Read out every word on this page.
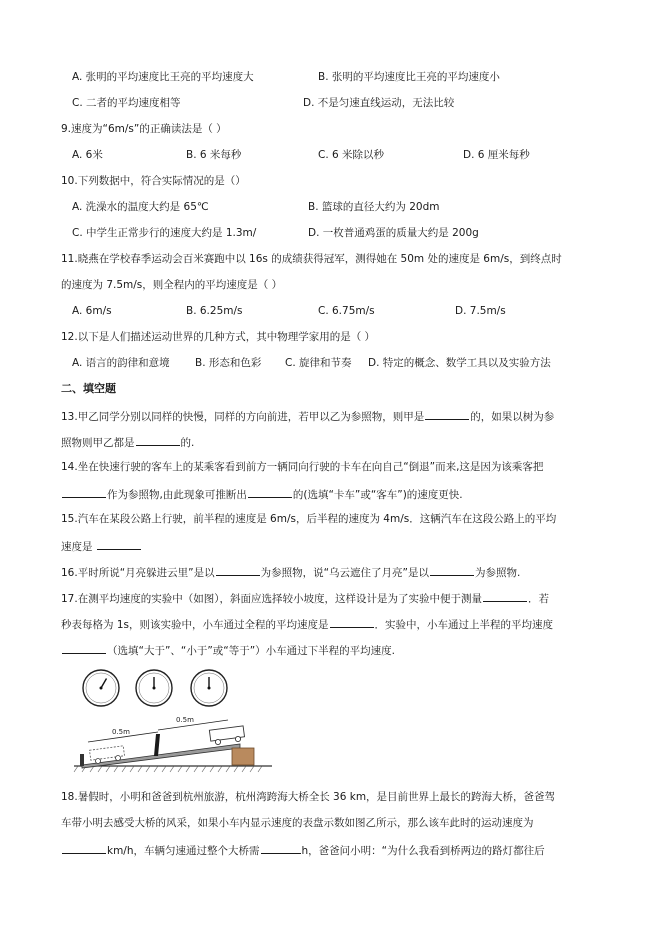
A. 张明的平均速度比王亮的平均速度大	B. 张明的平均速度比王亮的平均速度小
C. 二者的平均速度相等	D. 不是匀速直线运动，无法比较
9.速度为“6m/s”的正确读法是（ ）
A. 6米	B. 6 米每秒	C. 6 米除以秒	D. 6 厘米每秒
10.下列数据中，符合实际情况的是（）
A. 洗澡水的温度大约是 65℃	B. 篮球的直径大约为 20dm
C. 中学生正常步行的速度大约是 1.3m/	D. 一枚普通鸡蛋的质量大约是 200g
11.晓燕在学校春季运动会百米赛跑中以 16s 的成绩获得冠军，测得她在 50m 处的速度是 6m/s，到终点时
的速度为 7.5m/s，则全程内的平均速度是（ ）
A. 6m/s	B. 6.25m/s	C. 6.75m/s	D. 7.5m/s
12.以下是人们描述运动世界的几种方式，其中物理学家用的是（ ）
A. 语言的韵律和意境 B. 形态和色彩 C. 旋律和节奏 D. 特定的概念、数学工具以及实验方法
二、填空题
13.甲乙同学分别以同样的快慢，同样的方向前进，若甲以乙为参照物，则甲是	的，如果以树为参
照物则甲乙都是	的.
14.坐在快速行驶的客车上的某乘客看到前方一辆同向行驶的卡车在向自己“倒退”而来,这是因为该乘客把
作为参照物,由此现象可推断出	的(选填“卡车”或“客车”)的速度更快.
15.汽车在某段公路上行驶，前半程的速度是 6m/s，后半程的速度为 4m/s．这辆汽车在这段公路上的平均
速度是
16.平时所说“月亮躲进云里”是以	为参照物，说“乌云遮住了月亮”是以	为参照物.
17.在测平均速度的实验中（如图），斜面应选择较小坡度，这样设计是为了实验中便于测量	．若
秒表每格为 1s，则该实验中，小车通过全程的平均速度是	．实验中，小车通过上半程的平均速度
（选填“大于”、“小于”或“等于”）小车通过下半程的平均速度.
0.5m
0.5m
18.暑假时，小明和爸爸到杭州旅游，杭州湾跨海大桥全长 36 km，是目前世界上最长的跨海大桥，爸爸驾
车带小明去感受大桥的风采，如果小车内显示速度的表盘示数如图乙所示，那么该车此时的运动速度为
km/h，车辆匀速通过整个大桥需	h，爸爸问小明：“为什么我看到桥两边的路灯都往后
